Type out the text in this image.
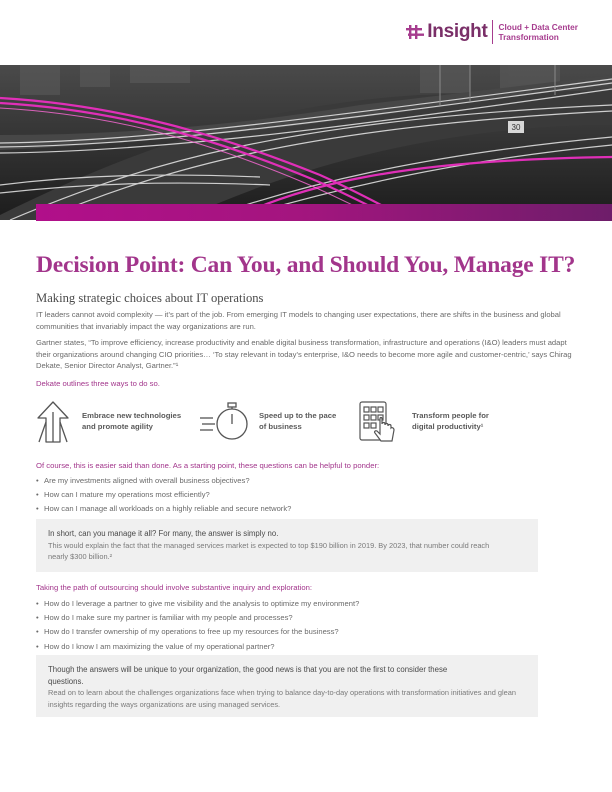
Insight Cloud + Data Center
Transformation
30
Decision Point: Can You, and Should You, Manage IT?
Making strategic choices about IT operations

IT leaders cannot avoid complexity — it’s part of the job. From emerging IT models to changing user expectations, there are shifts in the business and global communities that invariably impact the way organizations are run.

Gartner states, “To improve efficiency, increase productivity and enable digital business transformation, infrastructure and operations (I&O) leaders must adapt their organizations around changing CIO priorities… ‘To stay relevant in today’s enterprise, I&O needs to become more agile and customer-centric,’ says Chirag Dekate, Senior Director Analyst, Gartner.”¹

Dekate outlines three ways to do so.
Embrace new technologies
and promote agility
Speed up to the pace
of business
Transform people for
digital productivity¹
Of course, this is easier said than done. As a starting point, these questions can be helpful to ponder:
• Are my investments aligned with overall business objectives?
• How can I mature my operations most efficiently?
• How can I manage all workloads on a highly reliable and secure network?
In short, can you manage it all? For many, the answer is simply no.
This would explain the fact that the managed services market is expected to top $190 billion in 2019. By 2023, that number could reach nearly $300 billion.²
Taking the path of outsourcing should involve substantive inquiry and exploration:
• How do I leverage a partner to give me visibility and the analysis to optimize my environment?
• How do I make sure my partner is familiar with my people and processes?
• How do I transfer ownership of my operations to free up my resources for the business?
• How do I know I am maximizing the value of my operational partner?
Though the answers will be unique to your organization, the good news is that you are not the first to consider these questions.
Read on to learn about the challenges organizations face when trying to balance day-to-day operations with transformation initiatives and glean insights regarding the ways organizations are using managed services.
